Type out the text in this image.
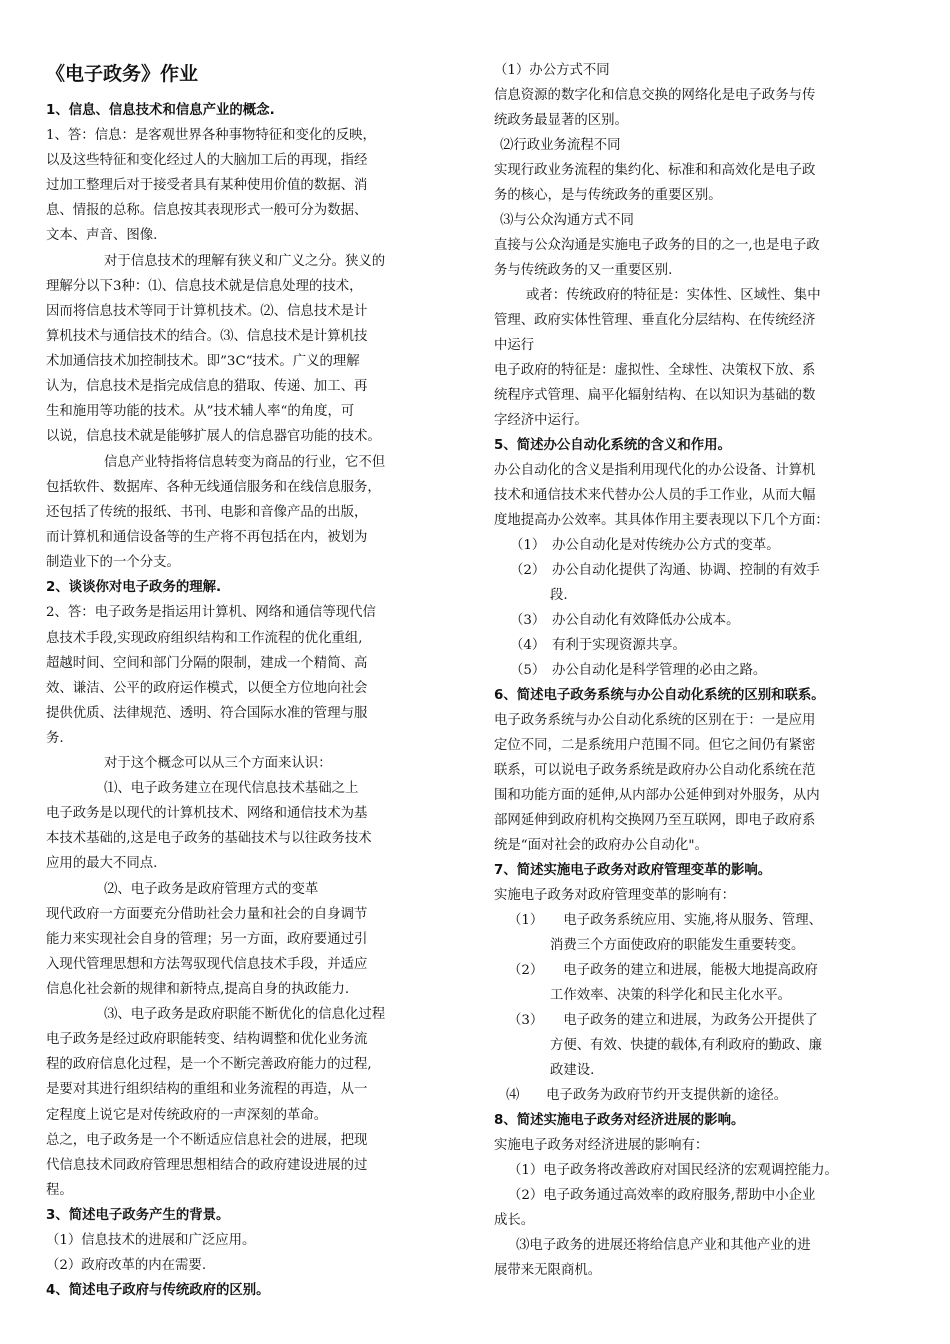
《电子政务》作业
1、信息、信息技术和信息产业的概念.
1、答：信息：是客观世界各种事物特征和变化的反映，
以及这些特征和变化经过人的大脑加工后的再现，指经
过加工整理后对于接受者具有某种使用价值的数据、消
息、情报的总称。信息按其表现形式一般可分为数据、
文本、声音、图像.
对于信息技术的理解有狭义和广义之分。狭义的
理解分以下3种：⑴、信息技术就是信息处理的技术，
因而将信息技术等同于计算机技术。⑵、信息技术是计
算机技术与通信技术的结合。⑶、信息技术是计算机技
术加通信技术加控制技术。即”3C“技术。广义的理解
认为，信息技术是指完成信息的猎取、传递、加工、再
生和施用等功能的技术。从”技术辅人率“的角度，可
以说，信息技术就是能够扩展人的信息器官功能的技术。
信息产业特指将信息转变为商品的行业，它不但
包括软件、数据库、各种无线通信服务和在线信息服务，
还包括了传统的报纸、书刊、电影和音像产品的出版，
而计算机和通信设备等的生产将不再包括在内，被划为
制造业下的一个分支。
2、谈谈你对电子政务的理解.
2、答：电子政务是指运用计算机、网络和通信等现代信
息技术手段,实现政府组织结构和工作流程的优化重组,
超越时间、空间和部门分隔的限制，建成一个精简、高
效、谦洁、公平的政府运作模式，以便全方位地向社会
提供优质、法律规范、透明、符合国际水准的管理与服
务.
对于这个概念可以从三个方面来认识：
⑴、电子政务建立在现代信息技术基础之上
电子政务是以现代的计算机技术、网络和通信技术为基
本技术基础的,这是电子政务的基础技术与以往政务技术
应用的最大不同点.
⑵、电子政务是政府管理方式的变革
现代政府一方面要充分借助社会力量和社会的自身调节
能力来实现社会自身的管理；另一方面，政府要通过引
入现代管理思想和方法驾驭现代信息技术手段，并适应
信息化社会新的规律和新特点,提高自身的执政能力.
⑶、电子政务是政府职能不断优化的信息化过程
电子政务是经过政府职能转变、结构调整和优化业务流
程的政府信息化过程，是一个不断完善政府能力的过程,
是要对其进行组织结构的重组和业务流程的再造，从一
定程度上说它是对传统政府的一声深刻的革命。
总之，电子政务是一个不断适应信息社会的进展，把现
代信息技术同政府管理思想相结合的政府建设进展的过
程。
3、简述电子政务产生的背景。
（1）信息技术的进展和广泛应用。
（2）政府改革的内在需要.
4、简述电子政府与传统政府的区别。
（1）办公方式不同
信息资源的数字化和信息交换的网络化是电子政务与传
统政务最显著的区别。
⑵行政业务流程不同
实现行政业务流程的集约化、标准和和高效化是电子政
务的核心，是与传统政务的重要区别。
⑶与公众沟通方式不同
直接与公众沟通是实施电子政务的目的之一,也是电子政
务与传统政务的又一重要区别.
或者：传统政府的特征是：实体性、区域性、集中
管理、政府实体性管理、垂直化分层结构、在传统经济
中运行
电子政府的特征是：虚拟性、全球性、决策权下放、系
统程序式管理、扁平化辐射结构、在以知识为基础的数
字经济中运行。
5、简述办公自动化系统的含义和作用。
办公自动化的含义是指利用现代化的办公设备、计算机
技术和通信技术来代替办公人员的手工作业，从而大幅
度地提高办公效率。其具体作用主要表现以下几个方面：
（1）　办公自动化是对传统办公方式的变革。
（2）　办公自动化提供了沟通、协调、控制的有效手
段.
（3）　办公自动化有效降低办公成本。
（4）　有利于实现资源共享。
（5）　办公自动化是科学管理的必由之路。
6、简述电子政务系统与办公自动化系统的区别和联系。
电子政务系统与办公自动化系统的区别在于：一是应用
定位不同，二是系统用户范围不同。但它之间仍有紧密
联系，可以说电子政务系统是政府办公自动化系统在范
围和功能方面的延伸,从内部办公延伸到对外服务，从内
部网延伸到政府机构交换网乃至互联网，即电子政府系
统是“面对社会的政府办公自动化"。
7、简述实施电子政务对政府管理变革的影响。
实施电子政务对政府管理变革的影响有：
（1）　　电子政务系统应用、实施,将从服务、管理、
消费三个方面使政府的职能发生重要转变。
（2）　　电子政务的建立和进展，能极大地提高政府
工作效率、决策的科学化和民主化水平。
（3）　　电子政务的建立和进展，为政务公开提供了
方便、有效、快捷的载体,有利政府的勤政、廉
政建设.
⑷　　电子政务为政府节约开支提供新的途径。
8、简述实施电子政务对经济进展的影响。
实施电子政务对经济进展的影响有：
（1）电子政务将改善政府对国民经济的宏观调控能力。
（2）电子政务通过高效率的政府服务,帮助中小企业
成长。
⑶电子政务的进展还将给信息产业和其他产业的进
展带来无限商机。
